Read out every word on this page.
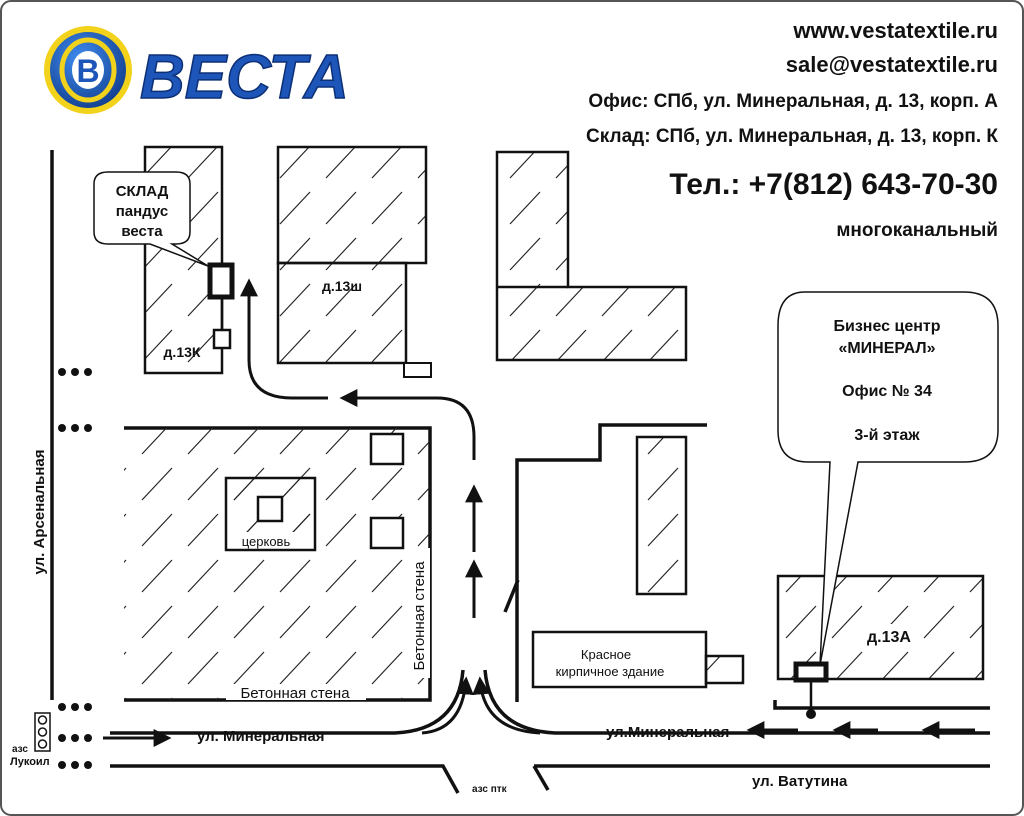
B ВЕСТА
www.vestatextile.ru
sale@vestatextile.ru
Офис: СПб, ул. Минеральная, д. 13, корп. А
Склад: СПб, ул. Минеральная, д. 13, корп. К
Тел.: +7(812) 643-70-30
многоканальный
д.13К
СКЛАД
пандус
веста
д.13ш
церковь
Бетонная стена
Бетонная стена	Красное
кирпичное здание
д.13А
Бизнес центр
«МИНЕРАЛ»
Офис № 34
3-й этаж
ул. Арсенальная
ул. Минеральная	ул.Минеральная
ул. Ватутина
азс
Лукоил
азс птк
